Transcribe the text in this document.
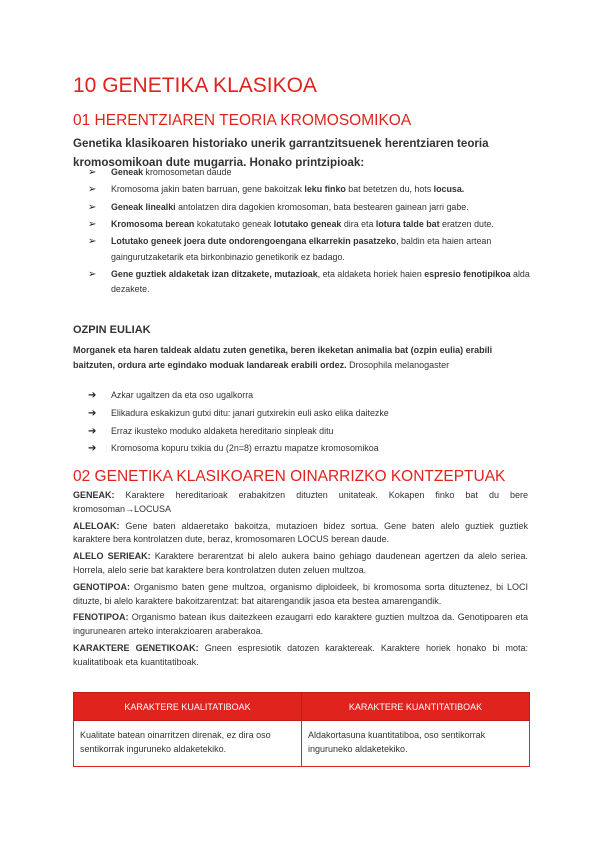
10 GENETIKA KLASIKOA
01 HERENTZIAREN TEORIA KROMOSOMIKOA

Genetika klasikoaren historiako unerik garrantzitsuenek herentziaren teoria kromosomikoan dute mugarria. Honako printzipioak:

➢ Geneak kromosometan daude
➢ Kromosoma jakin baten barruan, gene bakoitzak leku finko bat betetzen du, hots locusa.
➢ Geneak linealki antolatzen dira dagokien kromosoman, bata bestearen gainean jarri gabe.
➢ Kromosoma berean kokatutako geneak lotutako geneak dira eta lotura talde bat eratzen dute.
➢ Lotutako geneek joera dute ondorengoengana elkarrekin pasatzeko, baldin eta haien artean gaingurutzaketarik eta birkonbinazio genetikorik ez badago.
➢ Gene guztiek aldaketak izan ditzakete, mutazioak, eta aldaketa horiek haien espresio fenotipikoa alda dezakete.
OZPIN EULIAK

Morganek eta haren taldeak aldatu zuten genetika, beren ikeketan animalia bat (ozpin eulia) erabili baitzuten, ordura arte egindako moduak landareak erabili ordez. Drosophila melanogaster

➔ Azkar ugaltzen da eta oso ugalkorra
➔ Elikadura eskakizun gutxi ditu: janari gutxirekin euli asko elika daitezke
➔ Erraz ikusteko moduko aldaketa hereditario sinpleak ditu
➔ Kromosoma kopuru txikia du (2n=8) erraztu mapatze kromosomikoa
02 GENETIKA KLASIKOAREN OINARRIZKO KONTZEPTUAK

GENEAK: Karaktere hereditarioak erabakitzen dituzten unitateak. Kokapen finko bat du bere kromosoman→LOCUSA

ALELOAK: Gene baten aldaeretako bakoitza, mutazioen bidez sortua. Gene baten alelo guztiek guztiek karaktere bera kontrolatzen dute, beraz, kromosomaren LOCUS berean daude.

ALELO SERIEAK: Karaktere berarentzat bi alelo aukera baino gehiago daudenean agertzen da alelo seriea. Horrela, alelo serie bat karaktere bera kontrolatzen duten zeluen multzoa.

GENOTIPOA: Organismo baten gene multzoa, organismo diploideek, bi kromosoma sorta dituztenez, bi LOCI dituzte, bi alelo karaktere bakoitzarentzat: bat aitarengandik jasoa eta bestea amarengandik.

FENOTIPOA: Organismo batean ikus daitezkeen ezaugarri edo karaktere guztien multzoa da. Genotipoaren eta ingurunearen arteko interakzioaren araberakoa.

KARAKTERE GENETIKOAK: Gneen espresiotik datozen karaktereak. Karaktere horiek honako bi mota: kualitatiboak eta kuantitatiboak.

KARAKTERE KUALITATIBOAK	KARAKTERE KUANTITATIBOAK
Kualitate batean oinarritzen direnak, ez dira oso sentikorrak inguruneko aldaketekiko.	Aldakortasuna kuantitatiboa, oso sentikorrak ingurunekо aldaketekiko.
